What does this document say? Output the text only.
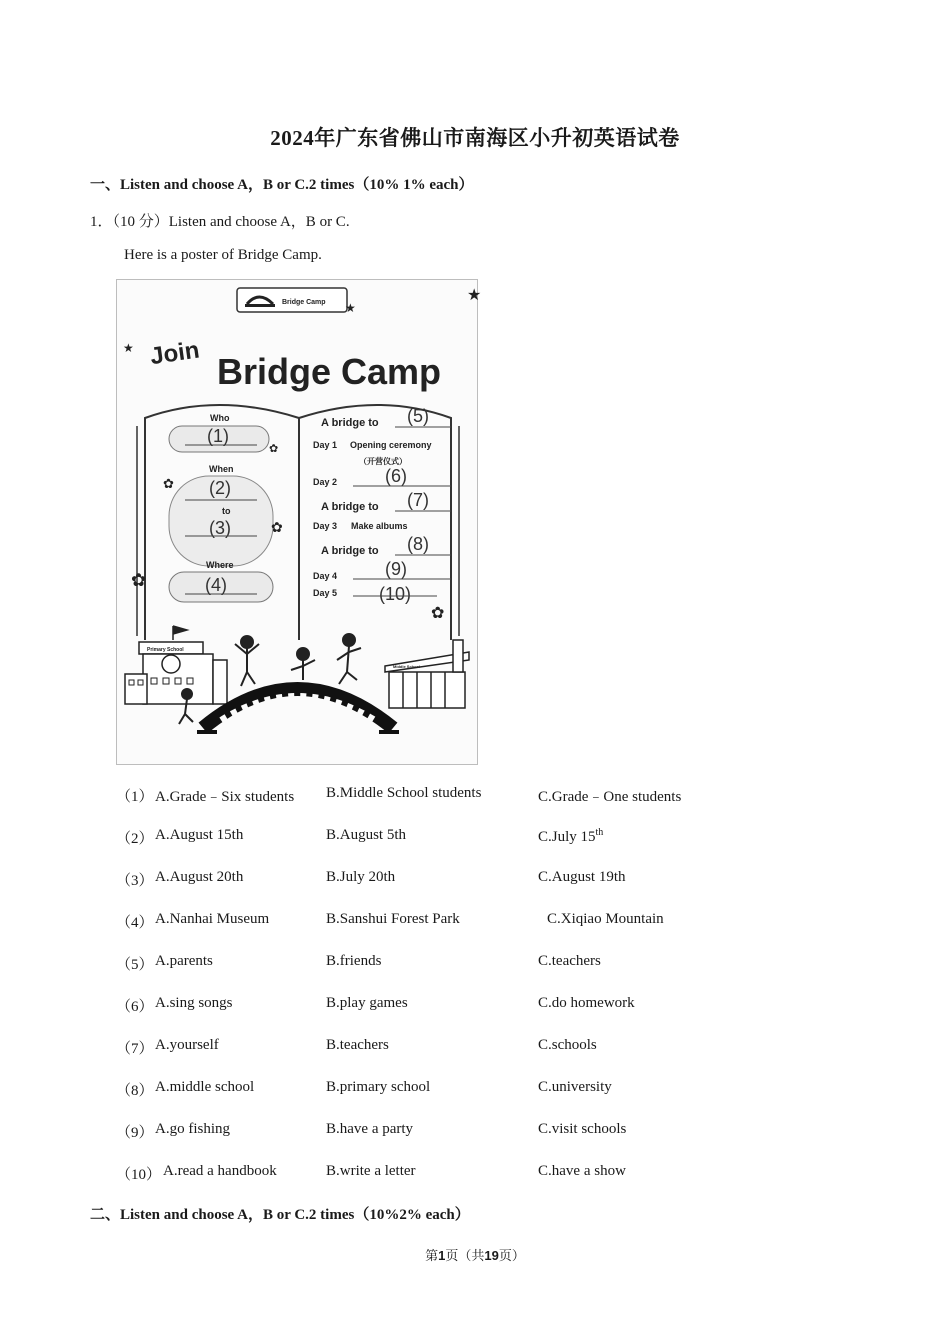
2024年广东省佛山市南海区小升初英语试卷
一、Listen and choose A，B or C.2 times（10% 1% each）
1．（10 分）Listen and choose A，B or C.
Here is a poster of Bridge Camp.
Bridge Camp	★
★
★ Join Bridge Camp
Who
(1)
✿
When
(2)
to
(3)
✿
✿
Where
(4)
✿
A bridge to (5)
Day 1 Opening ceremony
（开营仪式）
Day 2	(6)
A bridge to (7)
Day 3 Make albums
A bridge to (8)
Day 4	(9)
Day 5 (10)
✿
Primary School
Middle School
（1） A.Grade﹣Six students B.Middle School students	C.Grade﹣One students
（2） A.August 15th	B.August 5th	C.July 15th
（3） A.August 20th	B.July 20th	C.August 19th
（4） A.Nanhai Museum	B.Sanshui Forest Park	C.Xiqiao Mountain
（5） A.parents	B.friends	C.teachers
（6） A.sing songs	B.play games	C.do homework
（7） A.yourself	B.teachers	C.schools
（8） A.middle school	B.primary school	C.university
（9） A.go fishing	B.have a party	C.visit schools
（10） A.read a handbook	B.write a letter	C.have a show
二、Listen and choose A，B or C.2 times（10%2% each）
第1页（共19页）
